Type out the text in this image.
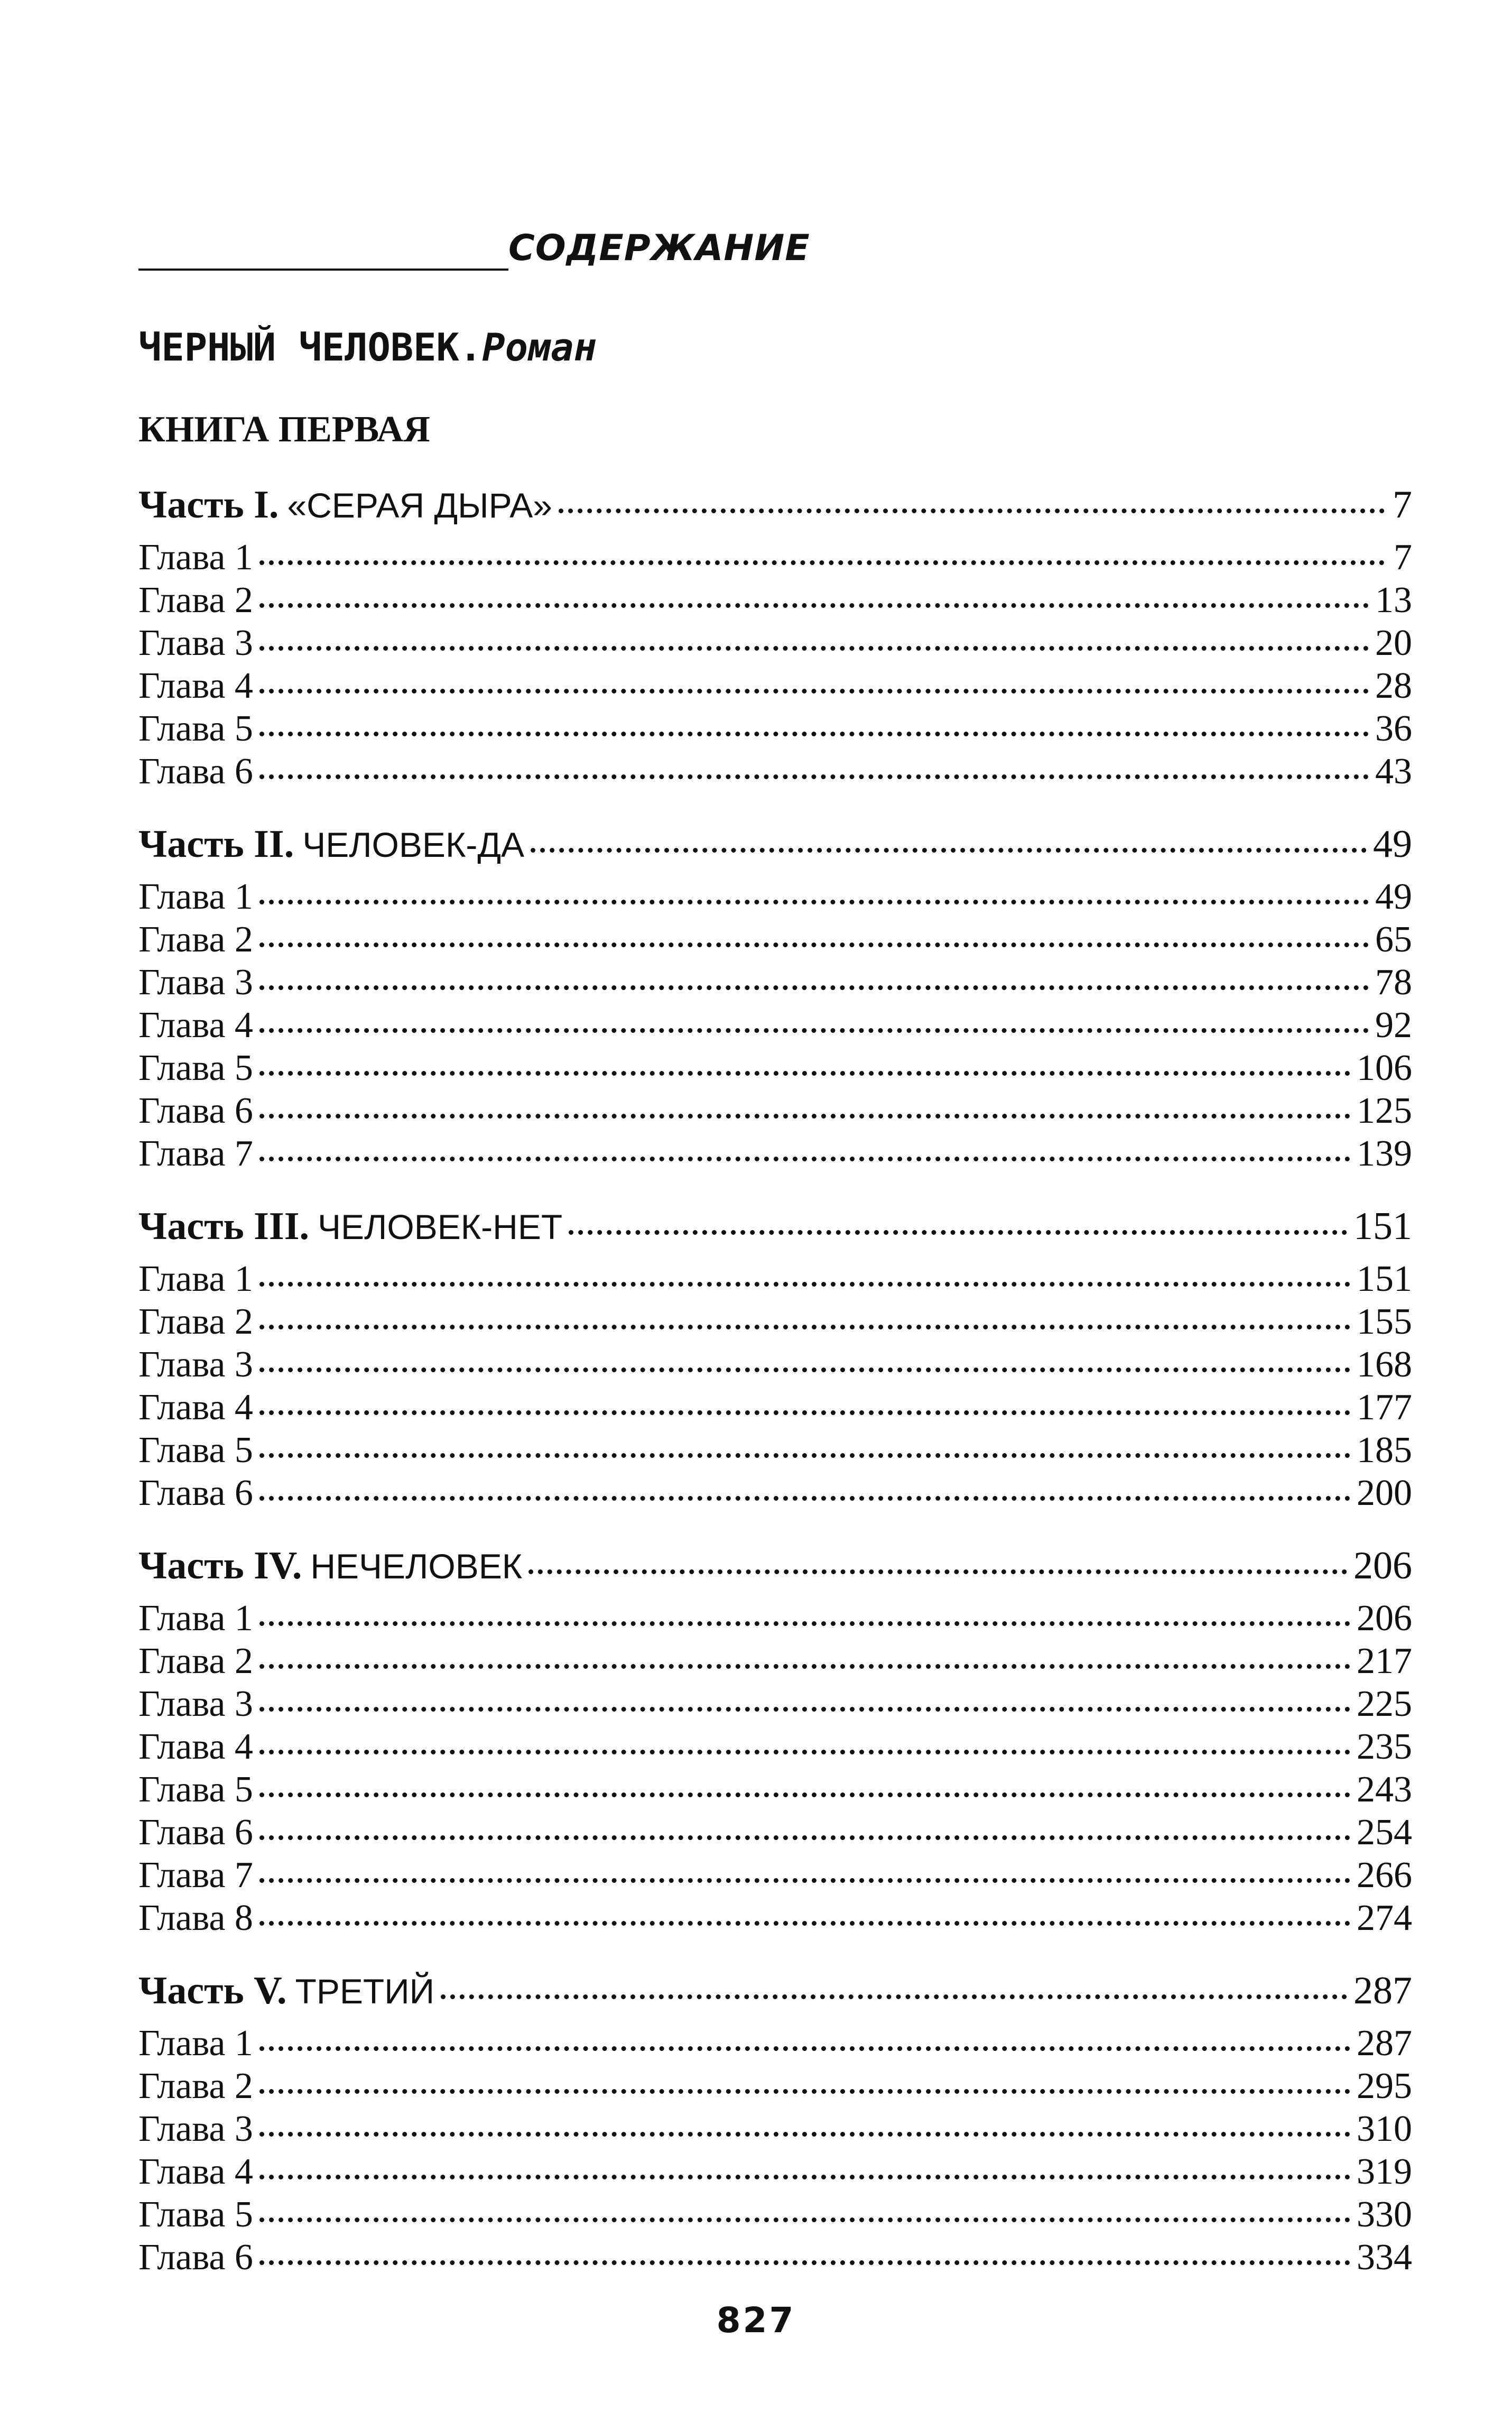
СОДЕРЖАНИЕ
ЧЕРНЫЙ ЧЕЛОВЕК.Роман
КНИГА ПЕРВАЯ
Часть I. «СЕРАЯ ДЫРА»	7
Глава 1	7
Глава 2	13
Глава 3	20
Глава 4	28
Глава 5	36
Глава 6	43
Часть II. ЧЕЛОВЕК-ДА	49
Глава 1	49
Глава 2	65
Глава 3	78
Глава 4	92
Глава 5	106
Глава 6	125
Глава 7	139
Часть III. ЧЕЛОВЕК-НЕТ	151
Глава 1	151
Глава 2	155
Глава 3	168
Глава 4	177
Глава 5	185
Глава 6	200
Часть IV. НЕЧЕЛОВЕК	206
Глава 1	206
Глава 2	217
Глава 3	225
Глава 4	235
Глава 5	243
Глава 6	254
Глава 7	266
Глава 8	274
Часть V. ТРЕТИЙ	287
Глава 1	287
Глава 2	295
Глава 3	310
Глава 4	319
Глава 5	330
Глава 6	334
827
